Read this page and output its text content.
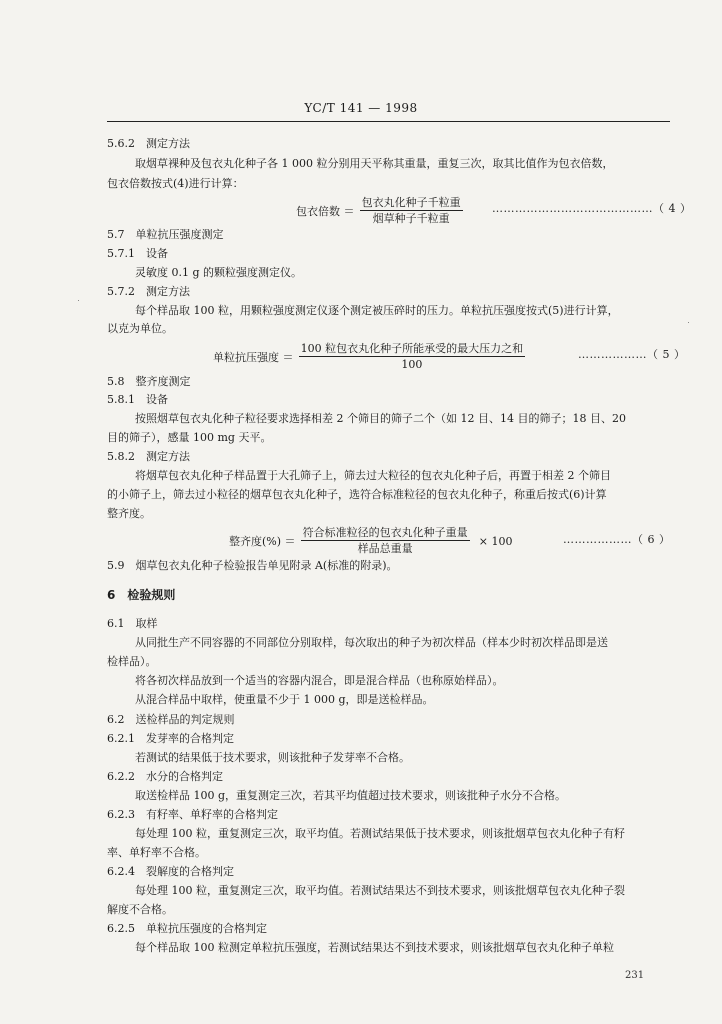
YC/T 141 — 1998
5.6.2　测定方法
取烟草裸种及包衣丸化种子各 1 000 粒分别用天平称其重量，重复三次，取其比值作为包衣倍数，
包衣倍数按式(4)进行计算：
包衣倍数 ＝ $\frac{\text{包衣丸化种子千粒重}}{\text{烟草种子千粒重}}$	……………………………………（ 4 ）
5.7　单粒抗压强度测定
5.7.1　设备
灵敏度 0.1 g 的颗粒强度测定仪。
5.7.2　测定方法
每个样品取 100 粒，用颗粒强度测定仪逐个测定被压碎时的压力。单粒抗压强度按式(5)进行计算，
以克为单位。
单粒抗压强度 ＝ $\frac{\text{100 粒包衣丸化种子所能承受的最大压力之和}}{100}$	………………（ 5 ）
5.8　整齐度测定
5.8.1　设备
按照烟草包衣丸化种子粒径要求选择相差 2 个筛目的筛子二个（如 12 目、14 目的筛子；18 目、20
目的筛子），感量 100 mg 天平。
5.8.2　测定方法
将烟草包衣丸化种子样品置于大孔筛子上，筛去过大粒径的包衣丸化种子后，再置于相差 2 个筛目
的小筛子上，筛去过小粒径的烟草包衣丸化种子，选符合标准粒径的包衣丸化种子，称重后按式(6)计算
整齐度。
整齐度(%) ＝ $\frac{\text{符合标准粒径的包衣丸化种子重量}}{\text{样品总重量}} \times 100$	………………（ 6 ）
5.9　烟草包衣丸化种子检验报告单见附录 A(标准的附录)。
6　检验规则
6.1　取样
从同批生产不同容器的不同部位分别取样，每次取出的种子为初次样品（样本少时初次样品即是送
检样品）。
将各初次样品放到一个适当的容器内混合，即是混合样品（也称原始样品）。
从混合样品中取样，使重量不少于 1 000 g，即是送检样品。
6.2　送检样品的判定规则
6.2.1　发芽率的合格判定
若测试的结果低于技术要求，则该批种子发芽率不合格。
6.2.2　水分的合格判定
取送检样品 100 g，重复测定三次，若其平均值超过技术要求，则该批种子水分不合格。
6.2.3　有籽率、单籽率的合格判定
每处理 100 粒，重复测定三次，取平均值。若测试结果低于技术要求，则该批烟草包衣丸化种子有籽
率、单籽率不合格。
6.2.4　裂解度的合格判定
每处理 100 粒，重复测定三次，取平均值。若测试结果达不到技术要求，则该批烟草包衣丸化种子裂
解度不合格。
6.2.5　单粒抗压强度的合格判定
每个样品取 100 粒测定单粒抗压强度，若测试结果达不到技术要求，则该批烟草包衣丸化种子单粒
231
